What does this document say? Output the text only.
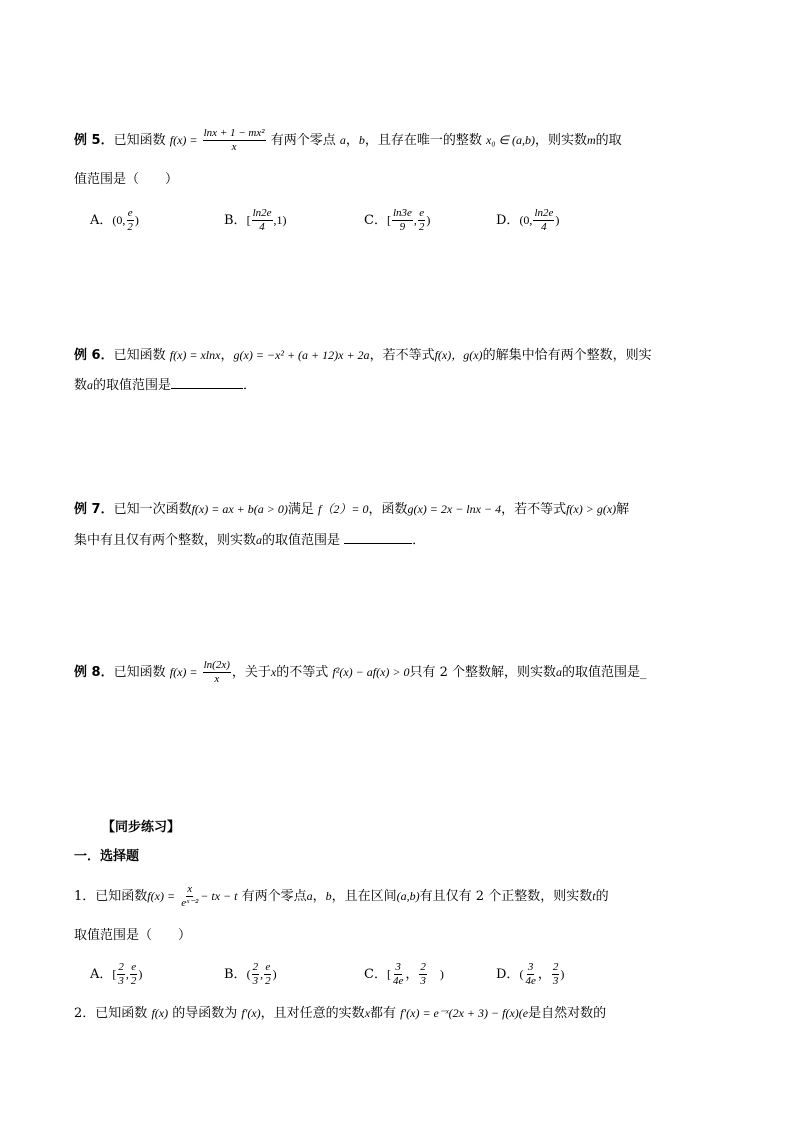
例 5．已知函数 $f(x) = \frac{\text{lnx + 1 − mx²}}{x}$ 有两个零点 a，b，且存在唯一的整数 x₀ ∈ (a,b)，则实数m的取
值范围是（　　）
A．(0, $\frac{e}{2}$ )	B．[ $\frac{\ln 2e}{4} ,1$)	C．[ $\frac{\ln 3e}{9}$ , $\frac{e}{2}$ )	D．(0, $\frac{\ln 2e}{4}$ )
例 6．已知函数 f(x) = xlnx，g(x) = −x² + (a + 12)x + 2a，若不等式f(x)，g(x)的解集中恰有两个整数，则实
数a的取值范围是	．
例 7．已知一次函数f(x) = ax + b(a > 0)满足 f（2）= 0，函数g(x) = 2x − lnx − 4，若不等式f(x) > g(x)解
集中有且仅有两个整数，则实数a的取值范围是	．
例 8．已知函数 $f(x) = \frac{\ln(2x)}{x}$ ，关于x的不等式 f²(x) − af(x) > 0只有 2 个整数解，则实数a的取值范围是_
【同步练习】
一．选择题
1．已知函数$f(x) = \frac{x}{\text{eˣ⁻²}}$ − tx − t 有两个零点a，b，且在区间(a,b)有且仅有 2 个正整数，则实数t的
取值范围是（　　）
A．[ $\frac{2}{3}$ , $\frac{e}{2}$ )	B．( $\frac{2}{3}$ , $\frac{e}{2}$ )	C．[ $\frac{3}{4e}$ ， $\frac{2}{3}$ 　)	D．( $\frac{3}{4e}$ ， $\frac{2}{3}$ )
2．已知函数 f(x) 的导函数为 f′(x)，且对任意的实数x都有 f′(x) = e⁻ˣ(2x + 3) − f(x)(e是自然对数的
